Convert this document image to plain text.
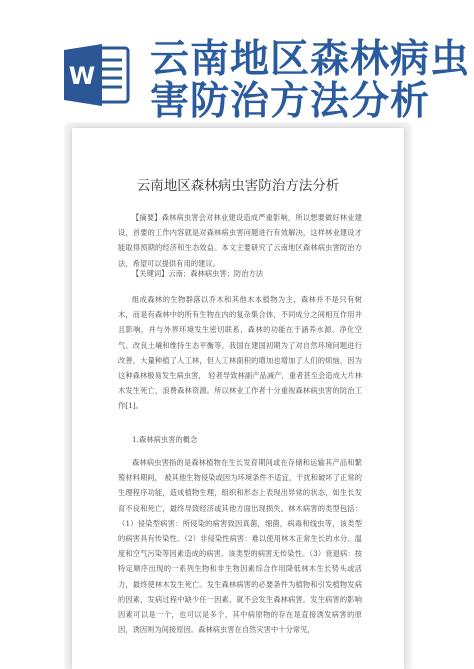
W 云南地区森林病虫
害防治方法分析
云南地区森林病虫害防治方法分析
【摘要】森林病虫害会对林业建设造成严重影响，所以想要做好林业建设，首要的工作内容就是对森林病虫害问题进行有效解决，这样林业建设才能取得预期的经济和生态效益。本文主要研究了云南地区森林病虫害防治方法，希望可以提供有用的建议。
【关键词】云南；森林病虫害；防治方法
组成森林的生物群落以乔木和其他木本植物为主，森林并不是只有树木，而是有森林中的所有生物在内的复杂集合体，不同成分之间相互作用并且影响，并与外界环境发生密切联系，森林的功能在于涵养水源、净化空气、改良土壤和维持生态平衡等。我国在建国初期为了对自然环境问题进行改善，大量种植了人工林，但人工林面积的增加也增加了人们的烦恼，因为这种森林极易发生病虫害， 轻者导致林副产品减产，重者甚至会造成大片林木发生死亡，浪费森林资源。所以林业工作者十分重视森林病虫害的防治工作[1]。
1.森林病虫害的概念
森林病虫害指的是森林植物在生长发育期间或在存储和运输其产品和繁殖材料期间， 被其他生物侵染或因为环境条件不适宜，干扰和破坏了正常的生理程序功能，造成植物生理，组织和形态上表现出异常的状态，如生长发育不良和死亡，最终导致经济或其他方面出现损失。林木病害的类型包括：（1）侵染型病害：所侵染的病害致因真菌，细菌，病毒和线虫等，该类型的病害具有传染性。（2）非侵染性病害：难以使用林木正常生长的水分、温度和空气污染等因素造成的病害。该类型的病害无传染性。（3）衰退病：按特定顺序出现的一系列生物和非生物因素综合作用降低林木生长势头或活力，最终使林木发生死亡。发生森林病害的必要条件为植物和引发植物发病的因素，发病过程中缺少任一因素，就不会发生森林病害。发生病害的影响因素可以是一个，也可以是多个，其中病原物的存在是直接诱发病害的原因，诱因则为间接原因。森林病虫害在自然灾害中十分常见，
